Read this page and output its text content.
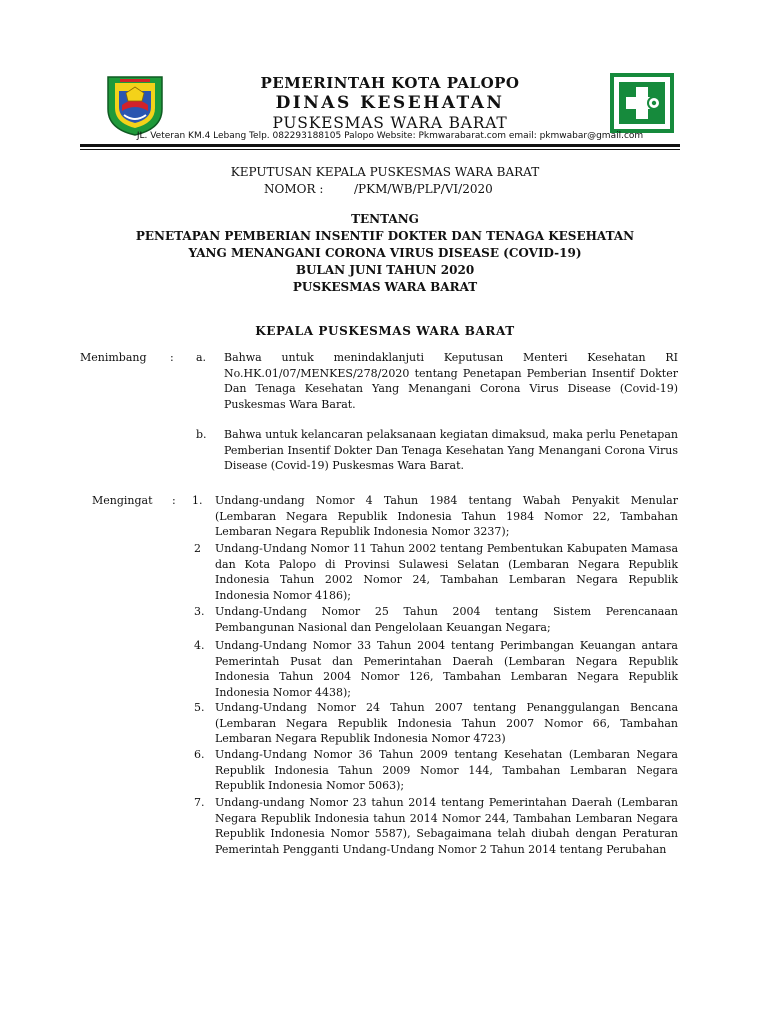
PEMERINTAH KOTA PALOPO
DINAS KESEHATAN
PUSKESMAS WARA BARAT
JL. Veteran KM.4 Lebang Telp. 082293188105 Palopo Website: Pkmwarabarat.com email: pkmwabar@gmail.com
KEPUTUSAN KEPALA PUSKESMAS WARA BARAT
NOMOR :	/PKM/WB/PLP/VI/2020
TENTANG
PENETAPAN PEMBERIAN INSENTIF DOKTER DAN TENAGA KESEHATAN
YANG MENANGANI CORONA VIRUS DISEASE (COVID-19)
BULAN JUNI TAHUN 2020
PUSKESMAS WARA BARAT
KEPALA PUSKESMAS WARA BARAT
Menimbang : a. Bahwa untuk menindaklanjuti Keputusan Menteri Kesehatan RI No.HK.01/07/MENKES/278/2020 tentang Penetapan Pemberian Insentif Dokter Dan Tenaga Kesehatan Yang Menangani Corona Virus Disease (Covid-19) Puskesmas Wara Barat.
b. Bahwa untuk kelancaran pelaksanaan kegiatan dimaksud, maka perlu Penetapan Pemberian Insentif Dokter Dan Tenaga Kesehatan Yang Menangani Corona Virus Disease (Covid-19) Puskesmas Wara Barat.
Mengingat : 1. Undang-undang Nomor 4 Tahun 1984 tentang Wabah Penyakit Menular (Lembaran Negara Republik Indonesia Tahun 1984 Nomor 22, Tambahan Lembaran Negara Republik Indonesia Nomor 3237);
2 Undang-Undang Nomor 11 Tahun 2002 tentang Pembentukan Kabupaten Mamasa dan Kota Palopo di Provinsi Sulawesi Selatan (Lembaran Negara Republik Indonesia Tahun 2002 Nomor 24, Tambahan Lembaran Negara Republik Indonesia Nomor 4186);
3. Undang-Undang Nomor 25 Tahun 2004 tentang Sistem Perencanaan Pembangunan Nasional dan Pengelolaan Keuangan Negara;
4. Undang-Undang Nomor 33 Tahun 2004 tentang Perimbangan Keuangan antara Pemerintah Pusat dan Pemerintahan Daerah (Lembaran Negara Republik Indonesia Tahun 2004 Nomor 126, Tambahan Lembaran Negara Republik Indonesia Nomor 4438);
5. Undang-Undang Nomor 24 Tahun 2007 tentang Penanggulangan Bencana (Lembaran Negara Republik Indonesia Tahun 2007 Nomor 66, Tambahan Lembaran Negara Republik Indonesia Nomor 4723)
6. Undang-Undang Nomor 36 Tahun 2009 tentang Kesehatan (Lembaran Negara Republik Indonesia Tahun 2009 Nomor 144, Tambahan Lembaran Negara Republik Indonesia Nomor 5063);
7. Undang-undang Nomor 23 tahun 2014 tentang Pemerintahan Daerah (Lembaran Negara Republik Indonesia tahun 2014 Nomor 244, Tambahan Lembaran Negara Republik Indonesia Nomor 5587), Sebagaimana telah diubah dengan Peraturan Pemerintah Pengganti Undang-Undang Nomor 2 Tahun 2014 tentang Perubahan
